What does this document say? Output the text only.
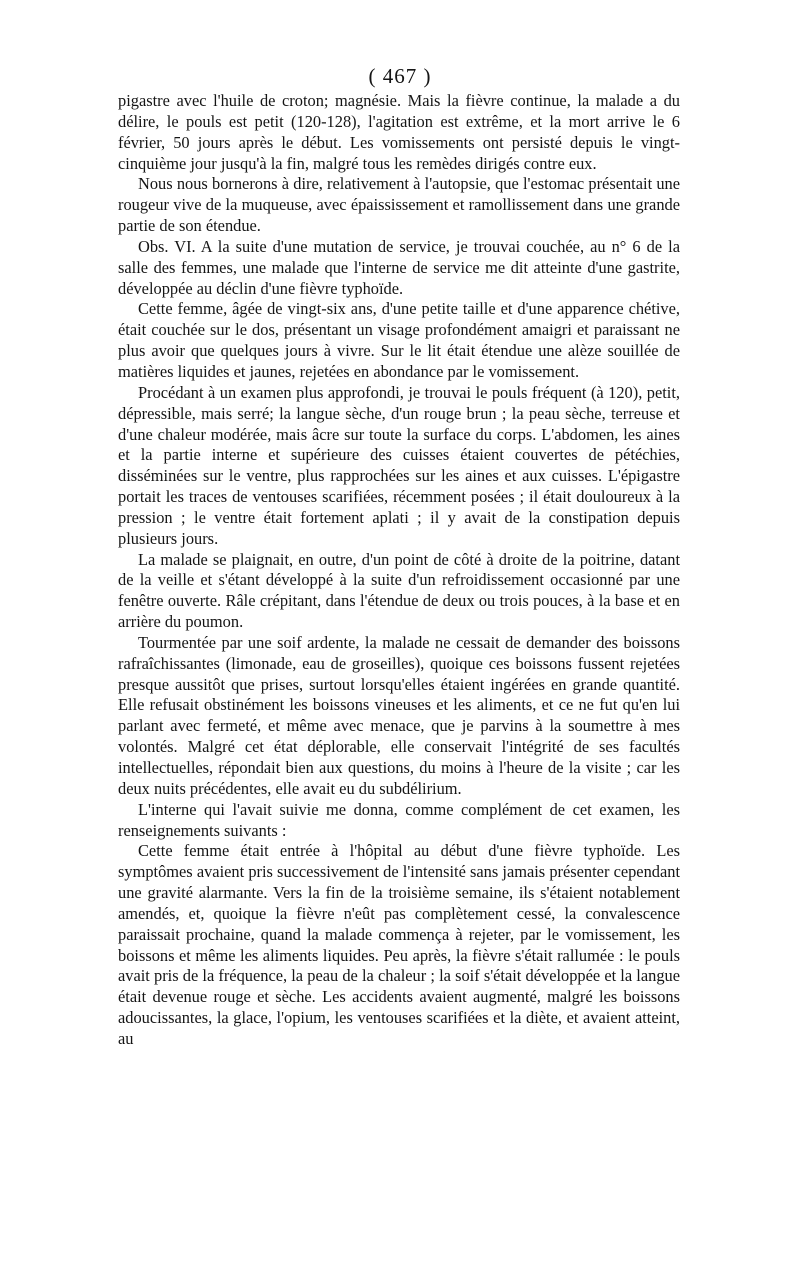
( 467 )

pigastre avec l'huile de croton; magnésie. Mais la fièvre continue, la malade a du délire, le pouls est petit (120-128), l'agitation est extrême, et la mort arrive le 6 février, 50 jours après le début. Les vomissements ont persisté depuis le vingt-cinquième jour jusqu'à la fin, malgré tous les remèdes dirigés contre eux.

Nous nous bornerons à dire, relativement à l'autopsie, que l'estomac présentait une rougeur vive de la muqueuse, avec épaississement et ramollissement dans une grande partie de son étendue.

Obs. VI. A la suite d'une mutation de service, je trouvai couchée, au n° 6 de la salle des femmes, une malade que l'interne de service me dit atteinte d'une gastrite, développée au déclin d'une fièvre typhoïde.

Cette femme, âgée de vingt-six ans, d'une petite taille et d'une apparence chétive, était couchée sur le dos, présentant un visage profondément amaigri et paraissant ne plus avoir que quelques jours à vivre. Sur le lit était étendue une alèze souillée de matières liquides et jaunes, rejetées en abondance par le vomissement.

Procédant à un examen plus approfondi, je trouvai le pouls fréquent (à 120), petit, dépressible, mais serré; la langue sèche, d'un rouge brun ; la peau sèche, terreuse et d'une chaleur modérée, mais âcre sur toute la surface du corps. L'abdomen, les aines et la partie interne et supérieure des cuisses étaient couvertes de pétéchies, disséminées sur le ventre, plus rapprochées sur les aines et aux cuisses. L'épigastre portait les traces de ventouses scarifiées, récemment posées ; il était douloureux à la pression ; le ventre était fortement aplati ; il y avait de la constipation depuis plusieurs jours.

La malade se plaignait, en outre, d'un point de côté à droite de la poitrine, datant de la veille et s'étant développé à la suite d'un refroidissement occasionné par une fenêtre ouverte. Râle crépitant, dans l'étendue de deux ou trois pouces, à la base et en arrière du poumon.

Tourmentée par une soif ardente, la malade ne cessait de demander des boissons rafraîchissantes (limonade, eau de groseilles), quoique ces boissons fussent rejetées presque aussitôt que prises, surtout lorsqu'elles étaient ingérées en grande quantité. Elle refusait obstinément les boissons vineuses et les aliments, et ce ne fut qu'en lui parlant avec fermeté, et même avec menace, que je parvins à la soumettre à mes volontés. Malgré cet état déplorable, elle conservait l'intégrité de ses facultés intellectuelles, répondait bien aux questions, du moins à l'heure de la visite ; car les deux nuits précédentes, elle avait eu du subdélirium.

L'interne qui l'avait suivie me donna, comme complément de cet examen, les renseignements suivants :

Cette femme était entrée à l'hôpital au début d'une fièvre typhoïde. Les symptômes avaient pris successivement de l'intensité sans jamais présenter cependant une gravité alarmante. Vers la fin de la troisième semaine, ils s'étaient notablement amendés, et, quoique la fièvre n'eût pas complètement cessé, la convalescence paraissait prochaine, quand la malade commença à rejeter, par le vomissement, les boissons et même les aliments liquides. Peu après, la fièvre s'était rallumée : le pouls avait pris de la fréquence, la peau de la chaleur ; la soif s'était développée et la langue était devenue rouge et sèche. Les accidents avaient augmenté, malgré les boissons adoucissantes, la glace, l'opium, les ventouses scarifiées et la diète, et avaient atteint, au
